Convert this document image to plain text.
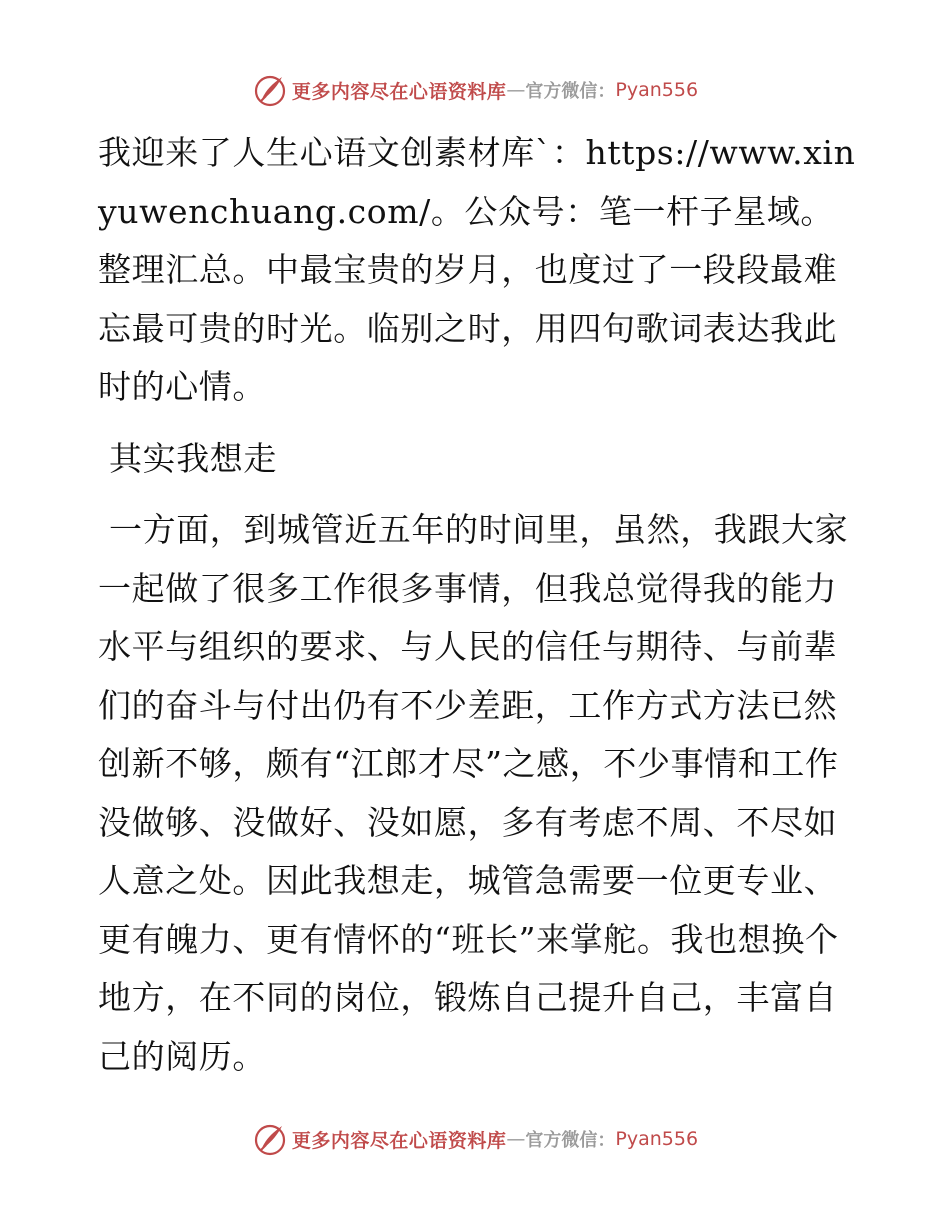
更多内容尽在心语资料库 — 官方微信： Pyan556

我迎来了人生心语文创素材库`：https://www.xinyuwenchuang.com/。公众号：笔一杆子星域。整理汇总。中最宝贵的岁月，也度过了一段段最难忘最可贵的时光。临别之时，用四句歌词表达我此时的心情。

其实我想走

一方面，到城管近五年的时间里，虽然，我跟大家一起做了很多工作很多事情，但我总觉得我的能力水平与组织的要求、与人民的信任与期待、与前辈们的奋斗与付出仍有不少差距，工作方式方法已然创新不够，颇有“江郎才尽”之感，不少事情和工作没做够、没做好、没如愿，多有考虑不周、不尽如人意之处。因此我想走，城管急需要一位更专业、更有魄力、更有情怀的“班长”来掌舵。我也想换个地方，在不同的岗位，锻炼自己提升自己，丰富自己的阅历。

更多内容尽在心语资料库 — 官方微信： Pyan556
